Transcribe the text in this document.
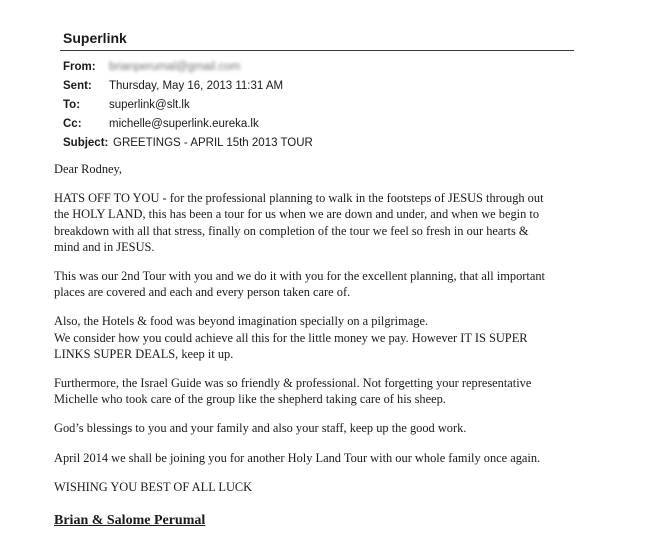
Superlink
From:	brianperumal@gmail.com
Sent:	Thursday, May 16, 2013 11:31 AM
To:	superlink@slt.lk
Cc:	michelle@superlink.eureka.lk
Subject: GREETINGS - APRIL 15th 2013 TOUR

Dear Rodney,

HATS OFF TO YOU - for the professional planning to walk in the footsteps of JESUS through out
the HOLY LAND, this has been a tour for us when we are down and under, and when we begin to
breakdown with all that stress, finally on completion of the tour we feel so fresh in our hearts &
mind and in JESUS.

This was our 2nd Tour with you and we do it with you for the excellent planning, that all important
places are covered and each and every person taken care of.

Also, the Hotels & food was beyond imagination specially on a pilgrimage.
We consider how you could achieve all this for the little money we pay. However IT IS SUPER
LINKS SUPER DEALS, keep it up.

Furthermore, the Israel Guide was so friendly & professional. Not forgetting your representative
Michelle who took care of the group like the shepherd taking care of his sheep.

God’s blessings to you and your family and also your staff, keep up the good work.

April 2014 we shall be joining you for another Holy Land Tour with our whole family once again.

WISHING YOU BEST OF ALL LUCK

Brian & Salome Perumal
